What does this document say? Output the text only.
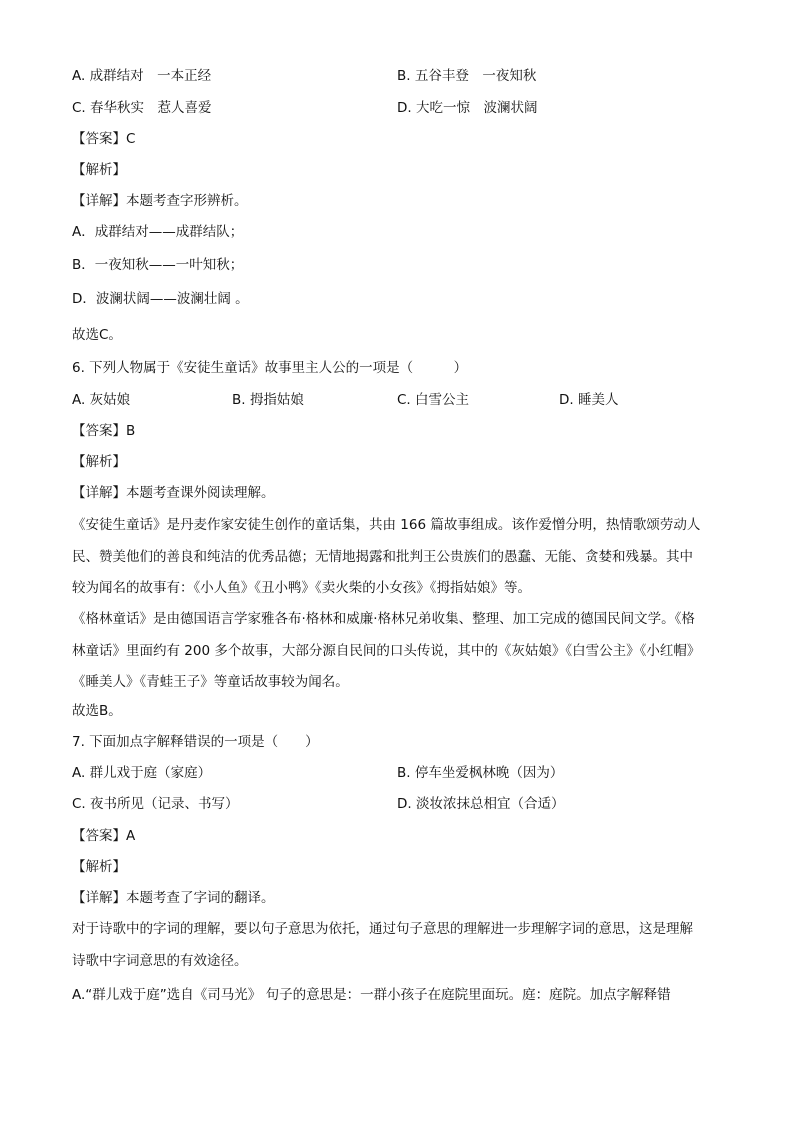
A. 成群结对　一本正经	B. 五谷丰登　一夜知秋
C. 春华秋实　惹人喜爱	D. 大吃一惊　波澜状阔
【答案】C
【解析】
【详解】本题考查字形辨析。
A．成群结对——成群结队；
B．一夜知秋——一叶知秋；
D．波澜状阔——波澜壮阔 。
故选C。
6. 下列人物属于《安徒生童话》故事里主人公的一项是（　　　）
A. 灰姑娘	B. 拇指姑娘	C. 白雪公主	D. 睡美人
【答案】B
【解析】
【详解】本题考查课外阅读理解。
《安徒生童话》是丹麦作家安徒生创作的童话集，共由 166 篇故事组成。该作爱憎分明，热情歌颂劳动人
民、赞美他们的善良和纯洁的优秀品德；无情地揭露和批判王公贵族们的愚蠢、无能、贪婪和残暴。其中
较为闻名的故事有：《小人鱼》《丑小鸭》《卖火柴的小女孩》《拇指姑娘》等。
《格林童话》是由德国语言学家雅各布·格林和威廉·格林兄弟收集、整理、加工完成的德国民间文学。《格
林童话》里面约有 200 多个故事，大部分源自民间的口头传说，其中的《灰姑娘》《白雪公主》《小红帽》
《睡美人》《青蛙王子》等童话故事较为闻名。
故选B。
7. 下面加点字解释错误的一项是（　　）
A. 群儿戏于庭（家庭）	B. 停车坐爱枫林晚（因为）
C. 夜书所见（记录、书写）	D. 淡妆浓抹总相宜（合适）
【答案】A
【解析】
【详解】本题考查了字词的翻译。
对于诗歌中的字词的理解，要以句子意思为依托，通过句子意思的理解进一步理解字词的意思，这是理解
诗歌中字词意思的有效途径。
A.“群儿戏于庭”选自《司马光》 句子的意思是：一群小孩子在庭院里面玩。庭：庭院。加点字解释错
